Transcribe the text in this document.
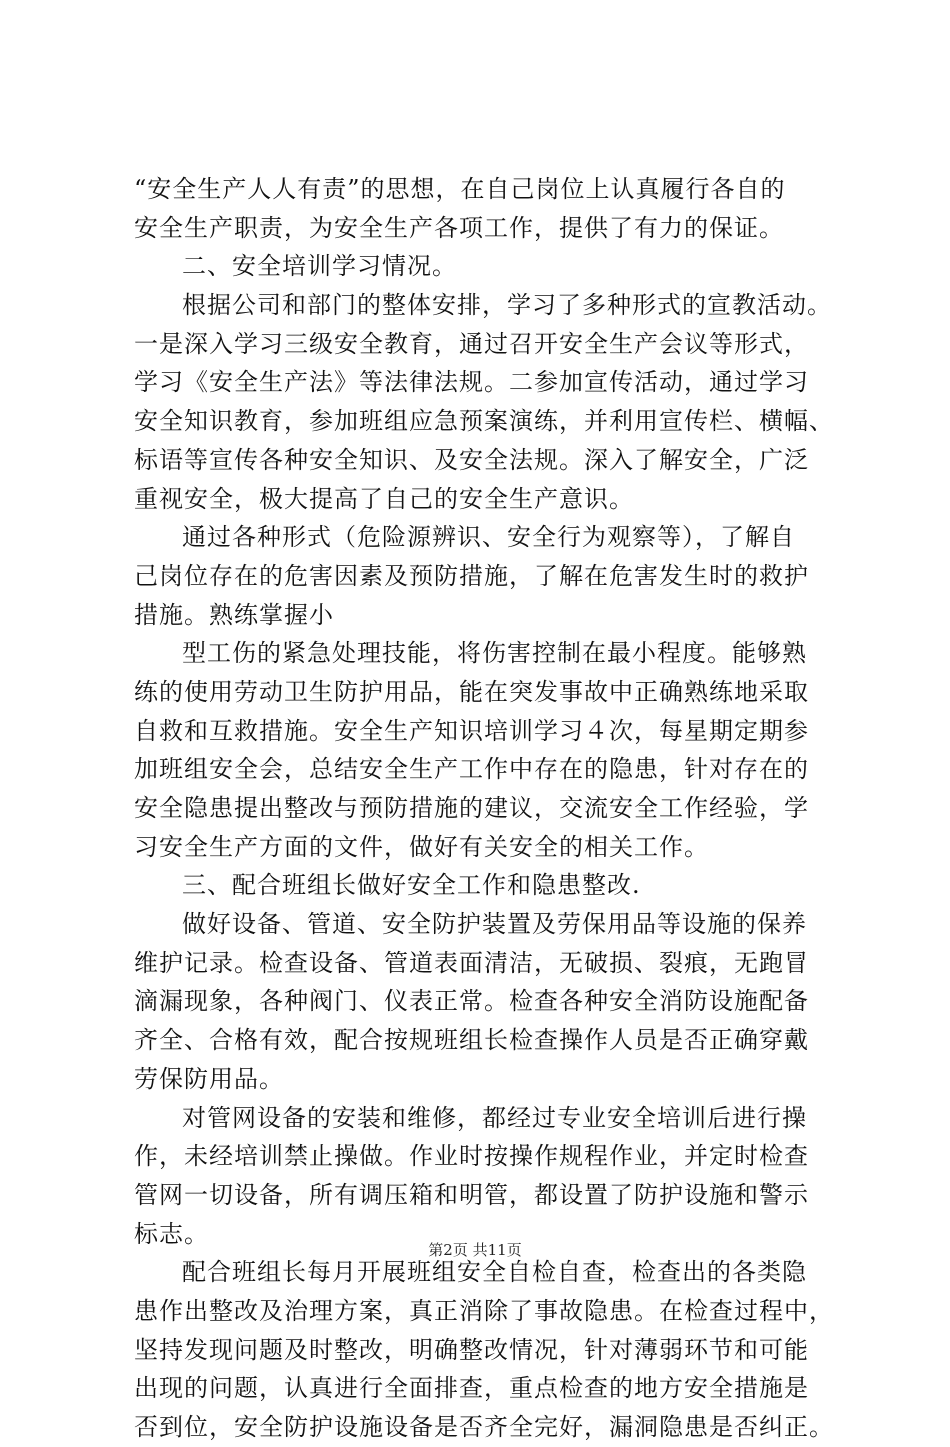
“安全生产人人有责”的思想，在自己岗位上认真履行各自的
安全生产职责，为安全生产各项工作，提供了有力的保证。
二、安全培训学习情况。
根据公司和部门的整体安排，学习了多种形式的宣教活动。
一是深入学习三级安全教育，通过召开安全生产会议等形式，
学习《安全生产法》等法律法规。二参加宣传活动，通过学习
安全知识教育，参加班组应急预案演练，并利用宣传栏、横幅、
标语等宣传各种安全知识、及安全法规。深入了解安全，广泛
重视安全，极大提高了自己的安全生产意识。
通过各种形式（危险源辨识、安全行为观察等），了解自
己岗位存在的危害因素及预防措施，了解在危害发生时的救护
措施。熟练掌握小
型工伤的紧急处理技能，将伤害控制在最小程度。能够熟
练的使用劳动卫生防护用品，能在突发事故中正确熟练地采取
自救和互救措施。安全生产知识培训学习４次，每星期定期参
加班组安全会，总结安全生产工作中存在的隐患，针对存在的
安全隐患提出整改与预防措施的建议，交流安全工作经验，学
习安全生产方面的文件，做好有关安全的相关工作。
三、配合班组长做好安全工作和隐患整改.
做好设备、管道、安全防护装置及劳保用品等设施的保养
维护记录。检查设备、管道表面清洁，无破损、裂痕，无跑冒
滴漏现象，各种阀门、仪表正常。检查各种安全消防设施配备
齐全、合格有效，配合按规班组长检查操作人员是否正确穿戴
劳保防用品。
对管网设备的安装和维修，都经过专业安全培训后进行操
作，未经培训禁止操做。作业时按操作规程作业，并定时检查
管网一切设备，所有调压箱和明管，都设置了防护设施和警示
标志。
配合班组长每月开展班组安全自检自查，检查出的各类隐
患作出整改及治理方案，真正消除了事故隐患。在检查过程中，
坚持发现问题及时整改，明确整改情况，针对薄弱环节和可能
出现的问题，认真进行全面排查，重点检查的地方安全措施是
否到位，安全防护设施设备是否齐全完好，漏洞隐患是否纠正。
第2页 共11页
